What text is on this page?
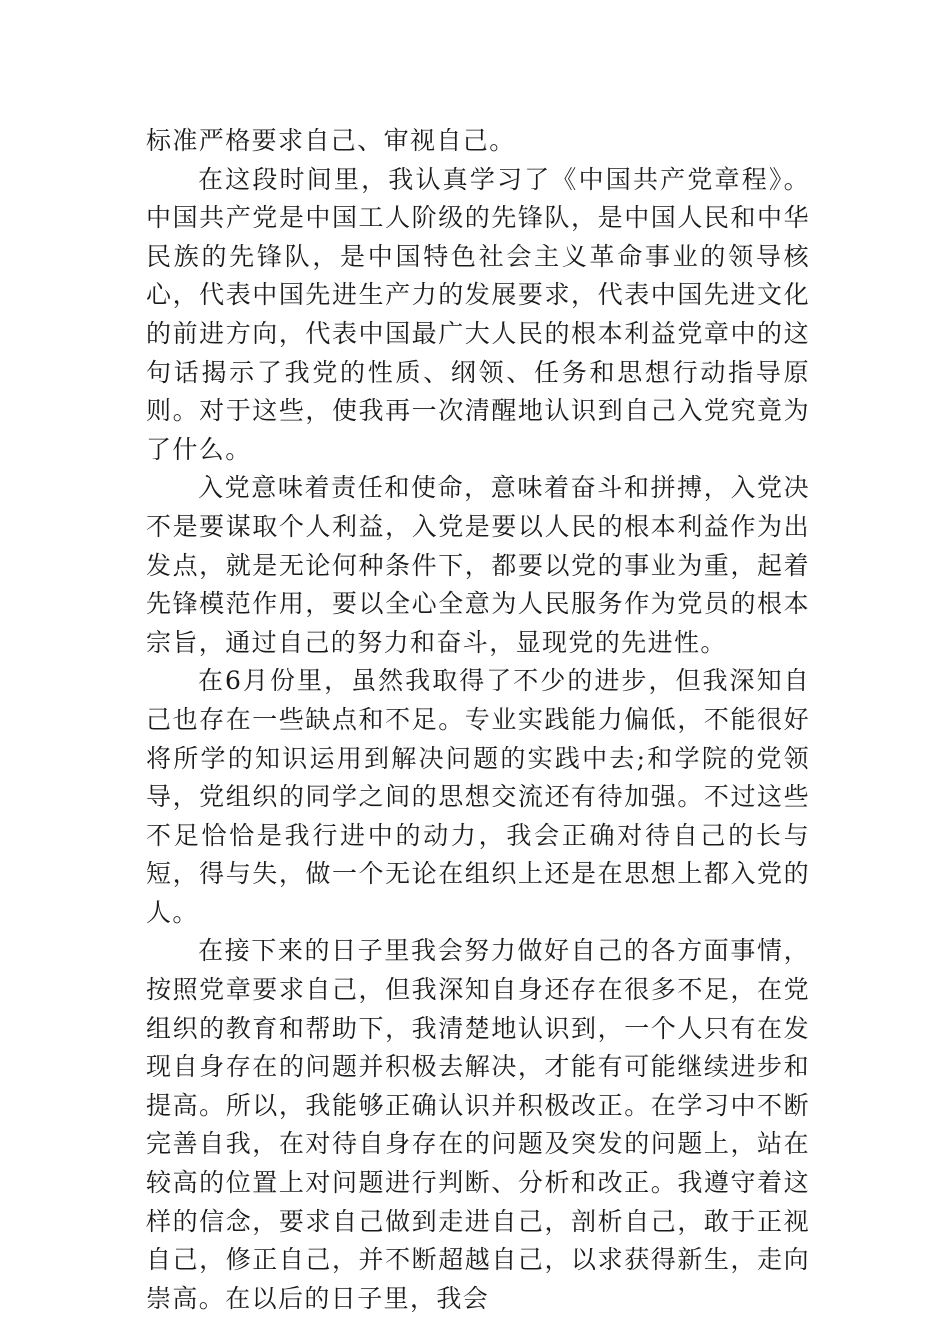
标准严格要求自己、审视自己。

在这段时间里，我认真学习了《中国共产党章程》。中国共产党是中国工人阶级的先锋队，是中国人民和中华民族的先锋队，是中国特色社会主义革命事业的领导核心，代表中国先进生产力的发展要求，代表中国先进文化的前进方向，代表中国最广大人民的根本利益党章中的这句话揭示了我党的性质、纲领、任务和思想行动指导原则。对于这些，使我再一次清醒地认识到自己入党究竟为了什么。

入党意味着责任和使命，意味着奋斗和拼搏，入党决不是要谋取个人利益，入党是要以人民的根本利益作为出发点，就是无论何种条件下，都要以党的事业为重，起着先锋模范作用，要以全心全意为人民服务作为党员的根本宗旨，通过自己的努力和奋斗，显现党的先进性。

在6月份里，虽然我取得了不少的进步，但我深知自己也存在一些缺点和不足。专业实践能力偏低，不能很好将所学的知识运用到解决问题的实践中去;和学院的党领导，党组织的同学之间的思想交流还有待加强。不过这些不足恰恰是我行进中的动力，我会正确对待自己的长与短，得与失，做一个无论在组织上还是在思想上都入党的人。

在接下来的日子里我会努力做好自己的各方面事情，按照党章要求自己，但我深知自身还存在很多不足，在党组织的教育和帮助下，我清楚地认识到，一个人只有在发现自身存在的问题并积极去解决，才能有可能继续进步和提高。所以，我能够正确认识并积极改正。在学习中不断完善自我，在对待自身存在的问题及突发的问题上，站在较高的位置上对问题进行判断、分析和改正。我遵守着这样的信念，要求自己做到走进自己，剖析自己，敢于正视自己，修正自己，并不断超越自己，以求获得新生，走向崇高。在以后的日子里，我会
